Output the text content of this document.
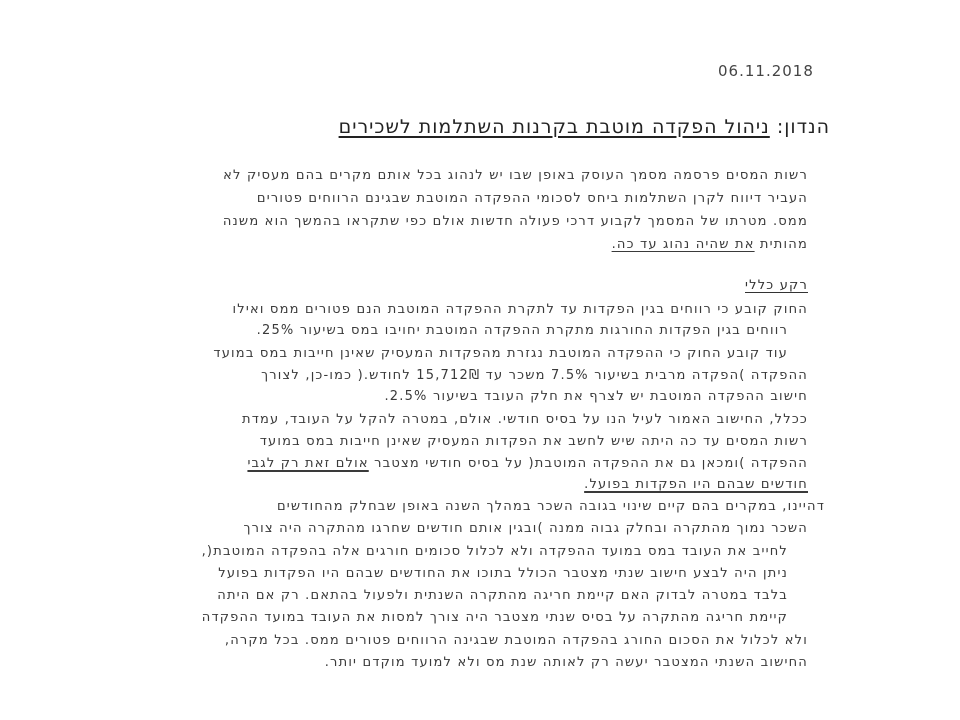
06.11.2018
הנדון: ניהול הפקדה מוטבת בקרנות השתלמות לשכירים
רשות המסים פרסמה מסמך העוסק באופן שבו יש לנהוג בכל אותם מקרים בהם מעסיק לא
העביר דיווח לקרן השתלמות ביחס לסכומי ההפקדה המוטבת שבגינם הרווחים פטורים
ממס. מטרתו של המסמך לקבוע דרכי פעולה חדשות אולם כפי שתקראו בהמשך הוא משנה
מהותית את שהיה נהוג עד כה.
רקע כללי
החוק קובע כי רווחים בגין הפקדות עד לתקרת ההפקדה המוטבת הנם פטורים ממס ואילו
רווחים בגין הפקדות החורגות מתקרת ההפקדה המוטבת יחויבו במס בשיעור 25%.
עוד קובע החוק כי ההפקדה המוטבת נגזרת מהפקדות המעסיק שאינן חייבות במס במועד
ההפקדה )הפקדה מרבית בשיעור 7.5% משכר עד 15,712₪ לחודש.( כמו-כן, לצורך
חישוב ההפקדה המוטבת יש לצרף את חלק העובד בשיעור 2.5%.
ככלל, החישוב האמור לעיל הנו על בסיס חודשי. אולם, במטרה להקל על העובד, עמדת
רשות המסים עד כה היתה שיש לחשב את הפקדות המעסיק שאינן חייבות במס במועד
ההפקדה )ומכאן גם את ההפקדה המוטבת( על בסיס חודשי מצטבר אולם זאת רק לגבי
חודשים שבהם היו הפקדות בפועל.
דהיינו, במקרים בהם קיים שינוי בגובה השכר במהלך השנה באופן שבחלק מהחודשים
השכר נמוך מהתקרה ובחלק גבוה ממנה )ובגין אותם חודשים שחרגו מהתקרה היה צורך
לחייב את העובד במס במועד ההפקדה ולא לכלול סכומים חורגים אלה בהפקדה המוטבת(,
ניתן היה לבצע חישוב שנתי מצטבר הכולל בתוכו את החודשים שבהם היו הפקדות בפועל
בלבד במטרה לבדוק האם קיימת חריגה מהתקרה השנתית ולפעול בהתאם. רק אם היתה
קיימת חריגה מהתקרה על בסיס שנתי מצטבר היה צורך למסות את העובד במועד ההפקדה
ולא לכלול את הסכום החורג בהפקדה המוטבת שבגינה הרווחים פטורים ממס. בכל מקרה,
החישוב השנתי המצטבר יעשה רק לאותה שנת מס ולא למועד מוקדם יותר.
